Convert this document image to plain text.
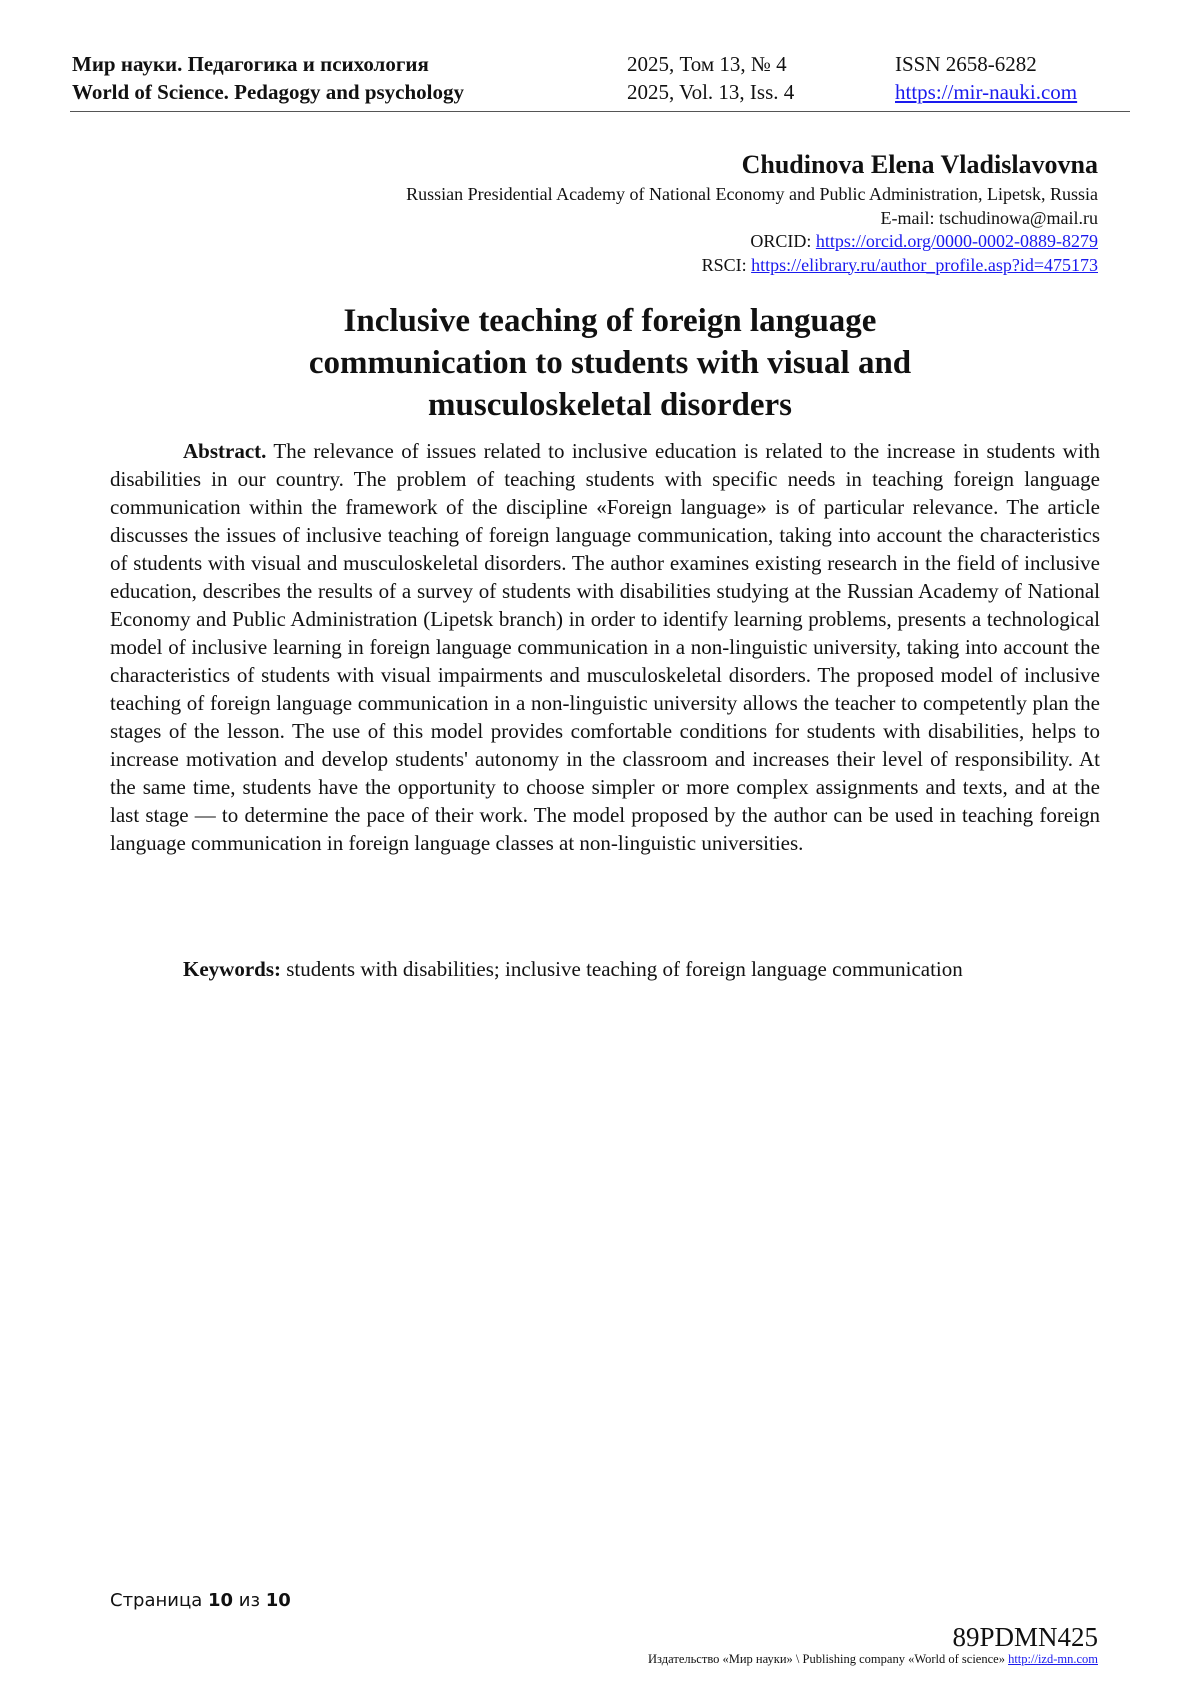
Мир науки. Педагогика и психология	2025, Том 13, № 4	ISSN 2658-6282
World of Science. Pedagogy and psychology	2025, Vol. 13, Iss. 4	https://mir-nauki.com
Chudinova Elena Vladislavovna
Russian Presidential Academy of National Economy and Public Administration, Lipetsk, Russia
E-mail: tschudinowa@mail.ru
ORCID: https://orcid.org/0000-0002-0889-8279
RSCI: https://elibrary.ru/author_profile.asp?id=475173
Inclusive teaching of foreign language
communication to students with visual and
musculoskeletal disorders
Abstract. The relevance of issues related to inclusive education is related to the increase in students with disabilities in our country. The problem of teaching students with specific needs in teaching foreign language communication within the framework of the discipline «Foreign language» is of particular relevance. The article discusses the issues of inclusive teaching of foreign language communication, taking into account the characteristics of students with visual and musculoskeletal disorders. The author examines existing research in the field of inclusive education, describes the results of a survey of students with disabilities studying at the Russian Academy of National Economy and Public Administration (Lipetsk branch) in order to identify learning problems, presents a technological model of inclusive learning in foreign language communication in a non-linguistic university, taking into account the characteristics of students with visual impairments and musculoskeletal disorders. The proposed model of inclusive teaching of foreign language communication in a non-linguistic university allows the teacher to competently plan the stages of the lesson. The use of this model provides comfortable conditions for students with disabilities, helps to increase motivation and develop students' autonomy in the classroom and increases their level of responsibility. At the same time, students have the opportunity to choose simpler or more complex assignments and texts, and at the last stage — to determine the pace of their work. The model proposed by the author can be used in teaching foreign language communication in foreign language classes at non-linguistic universities.
Keywords: students with disabilities; inclusive teaching of foreign language communication
Страница 10 из 10
89PDMN425
Издательство «Мир науки» \ Publishing company «World of science» http://izd-mn.com
